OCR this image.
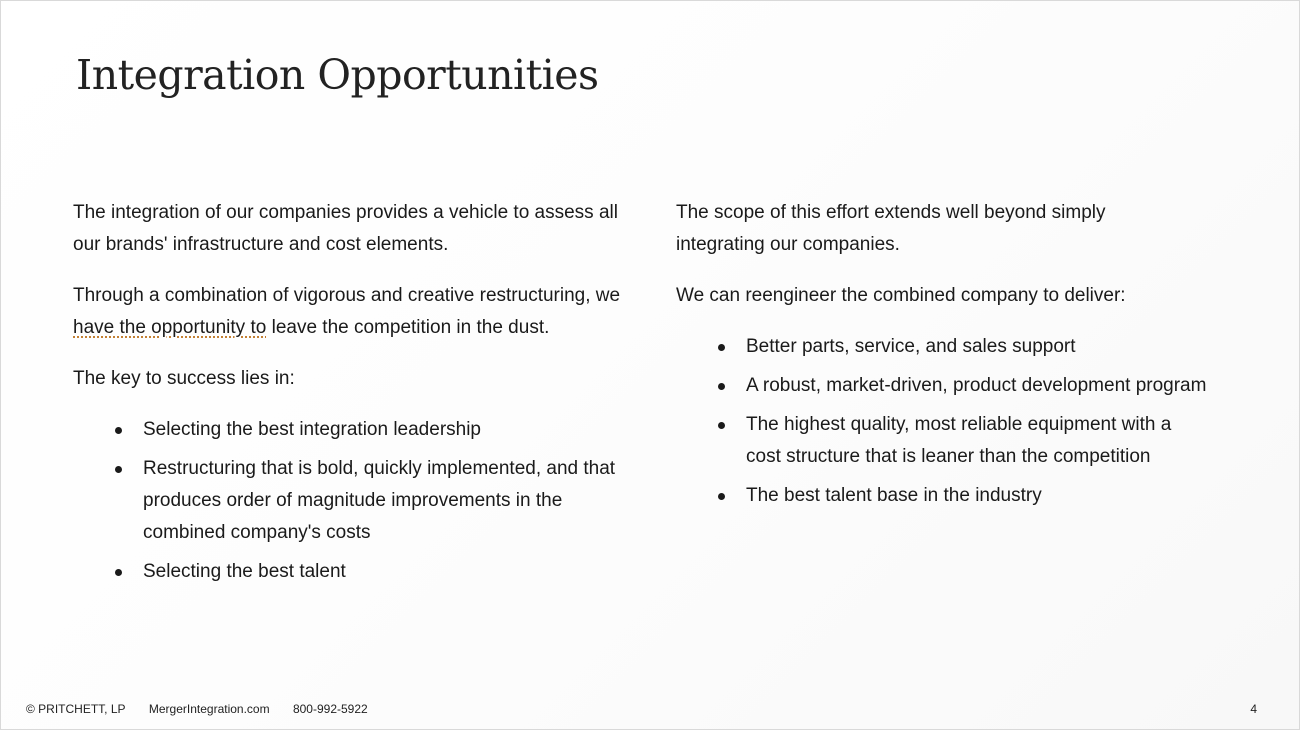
Integration Opportunities

The integration of our companies provides a vehicle to assess all our brands' infrastructure and cost elements.

Through a combination of vigorous and creative restructuring, we have the opportunity to leave the competition in the dust.

The key to success lies in:

Selecting the best integration leadership
Restructuring that is bold, quickly implemented, and that produces order of magnitude improvements in the combined company's costs
Selecting the best talent

The scope of this effort extends well beyond simply integrating our companies.

We can reengineer the combined company to deliver:

Better parts, service, and sales support
A robust, market-driven, product development program
The highest quality, most reliable equipment with a cost structure that is leaner than the competition
The best talent base in the industry
© PRITCHETT, LP MergerIntegration.com 800-992-5922	4
